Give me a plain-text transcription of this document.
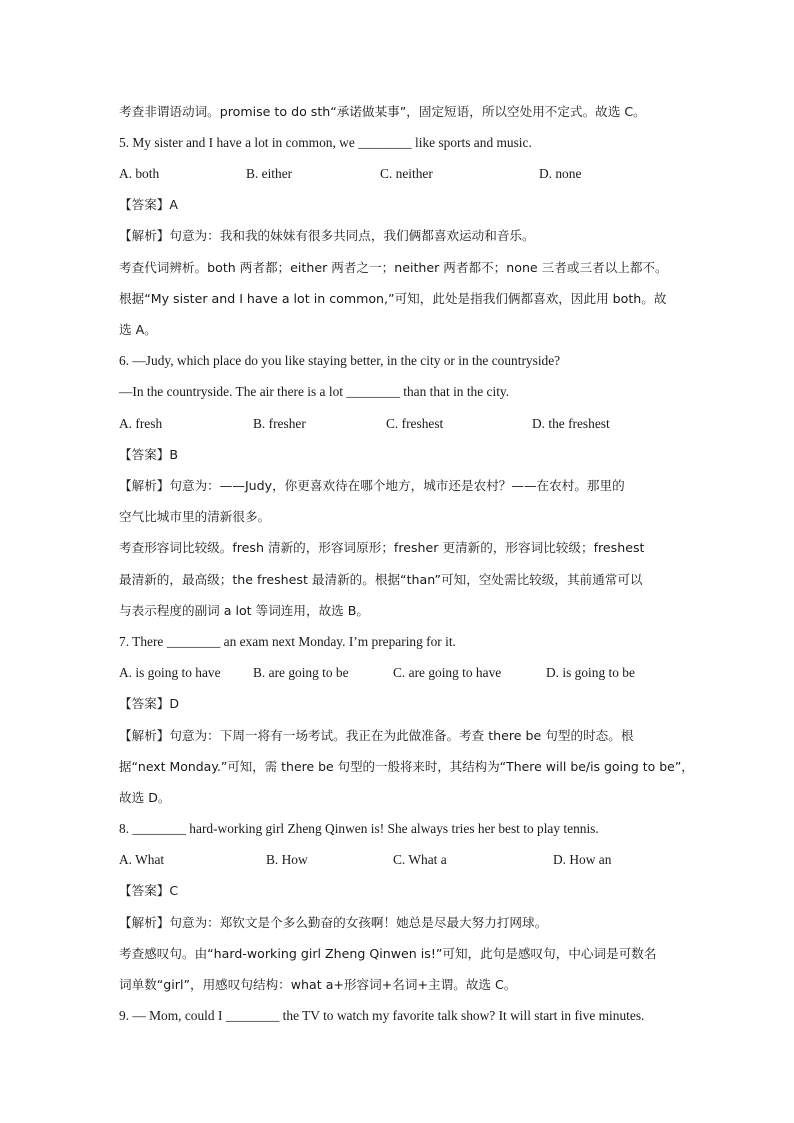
考查非谓语动词。promise to do sth“承诺做某事”，固定短语，所以空处用不定式。故选 C。
5. My sister and I have a lot in common, we ________ like sports and music.
A. both	B. either	C. neither	D. none
【答案】A
【解析】句意为：我和我的妹妹有很多共同点，我们俩都喜欢运动和音乐。
考查代词辨析。both 两者都；either 两者之一；neither 两者都不；none 三者或三者以上都不。
根据“My sister and I have a lot in common,”可知，此处是指我们俩都喜欢，因此用 both。故
选 A。
6. —Judy, which place do you like staying better, in the city or in the countryside?
—In the countryside. The air there is a lot ________ than that in the city.
A. fresh	B. fresher	C. freshest	D. the freshest
【答案】B
【解析】句意为：——Judy，你更喜欢待在哪个地方，城市还是农村？——在农村。那里的
空气比城市里的清新很多。
考查形容词比较级。fresh 清新的，形容词原形；fresher 更清新的，形容词比较级；freshest
最清新的，最高级；the freshest 最清新的。根据“than”可知，空处需比较级，其前通常可以
与表示程度的副词 a lot 等词连用，故选 B。
7. There ________ an exam next Monday. I’m preparing for it.
A. is going to have B. are going to be	C. are going to have	D. is going to be
【答案】D
【解析】句意为：下周一将有一场考试。我正在为此做准备。考查 there be 句型的时态。根
据“next Monday.”可知，需 there be 句型的一般将来时，其结构为“There will be/is going to be”，
故选 D。
8. ________ hard-working girl Zheng Qinwen is! She always tries her best to play tennis.
A. What	B. How	C. What a	D. How an
【答案】C
【解析】句意为：郑钦文是个多么勤奋的女孩啊！她总是尽最大努力打网球。
考查感叹句。由“hard-working girl Zheng Qinwen is!”可知，此句是感叹句，中心词是可数名
词单数“girl”，用感叹句结构：what a+形容词+名词+主谓。故选 C。
9. — Mom, could I ________ the TV to watch my favorite talk show? It will start in five minutes.
